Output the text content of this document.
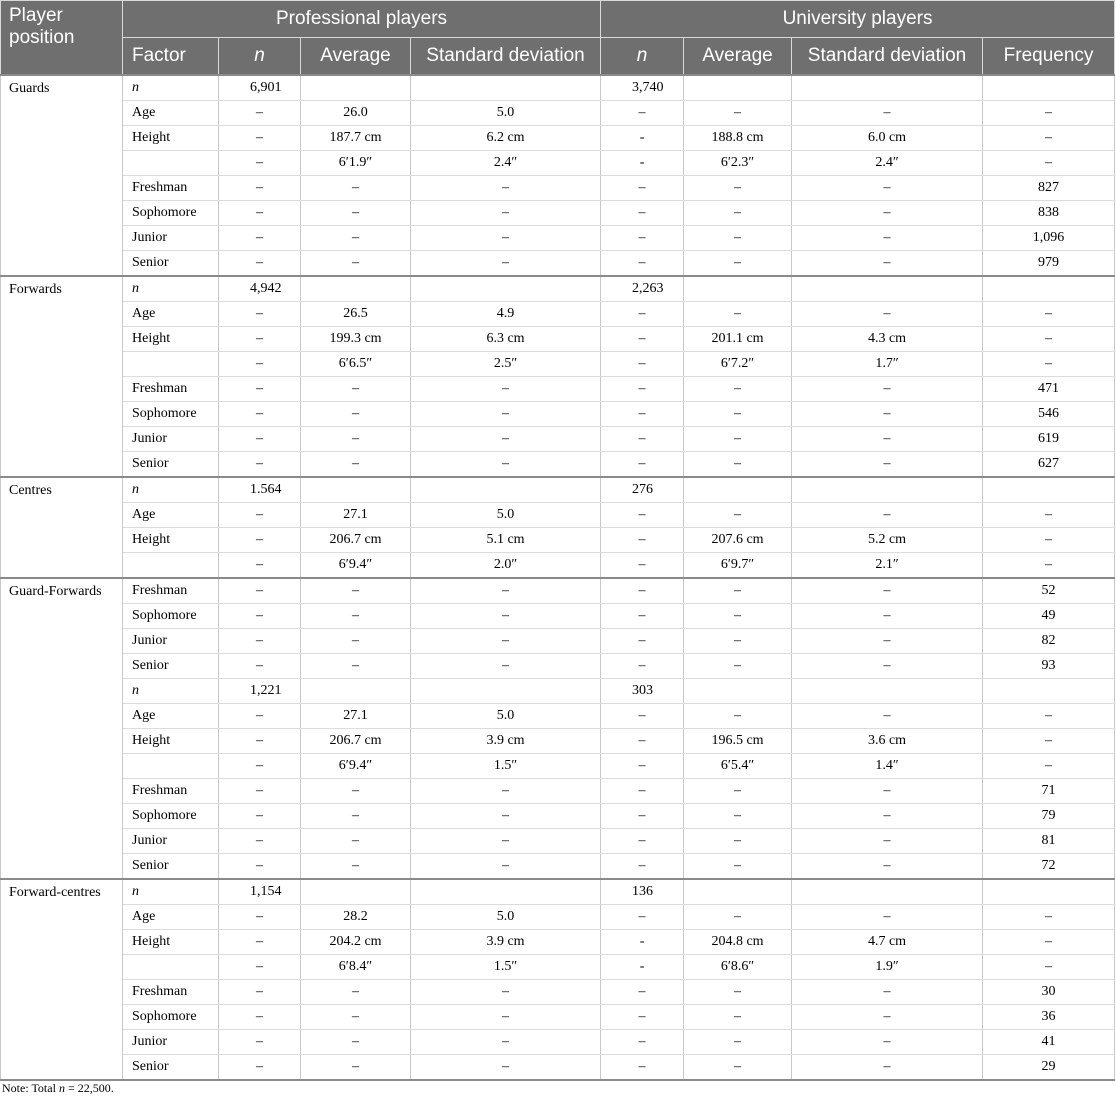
Player position	Professional players				University players			
	Factor	n	Average	Standard deviation	n	Average	Standard deviation	Frequency
Guards	n	6,901			3,740			
	Age	–	26.0	5.0	–	–	–	–
	Height	–	187.7 cm	6.2 cm	-	188.8 cm	6.0 cm	–
		–	6′1.9″	2.4″	-	6′2.3″	2.4″	–
	Freshman	–	–	–	–	–	–	827
	Sophomore	–	–	–	–	–	–	838
	Junior	–	–	–	–	–	–	1,096
	Senior	–	–	–	–	–	–	979
Forwards	n	4,942			2,263			
	Age	–	26.5	4.9	–	–	–	–
	Height	–	199.3 cm	6.3 cm	–	201.1 cm	4.3 cm	–
		–	6′6.5″	2.5″	–	6′7.2″	1.7″	–
	Freshman	–	–	–	–	–	–	471
	Sophomore	–	–	–	–	–	–	546
	Junior	–	–	–	–	–	–	619
	Senior	–	–	–	–	–	–	627
Centres	n	1.564			276			
	Age	–	27.1	5.0	–	–	–	–
	Height	–	206.7 cm	5.1 cm	–	207.6 cm	5.2 cm	–
		–	6′9.4″	2.0″	–	6′9.7″	2.1″	–
Guard-Forwards	Freshman	–	–	–	–	–	–	52
	Sophomore	–	–	–	–	–	–	49
	Junior	–	–	–	–	–	–	82
	Senior	–	–	–	–	–	–	93
	n	1,221			303			
	Age	–	27.1	5.0	–	–	–	–
	Height	–	206.7 cm	3.9 cm	–	196.5 cm	3.6 cm	–
		–	6′9.4″	1.5″	–	6′5.4″	1.4″	–
	Freshman	–	–	–	–	–	–	71
	Sophomore	–	–	–	–	–	–	79
	Junior	–	–	–	–	–	–	81
	Senior	–	–	–	–	–	–	72
Forward-centres	n	1,154			136			
	Age	–	28.2	5.0	–	–	–	–
	Height	–	204.2 cm	3.9 cm	-	204.8 cm	4.7 cm	–
		–	6′8.4″	1.5″	-	6′8.6″	1.9″	–
	Freshman	–	–	–	–	–	–	30
	Sophomore	–	–	–	–	–	–	36
	Junior	–	–	–	–	–	–	41
	Senior	–	–	–	–	–	–	29
Note: Total n = 22,500.
